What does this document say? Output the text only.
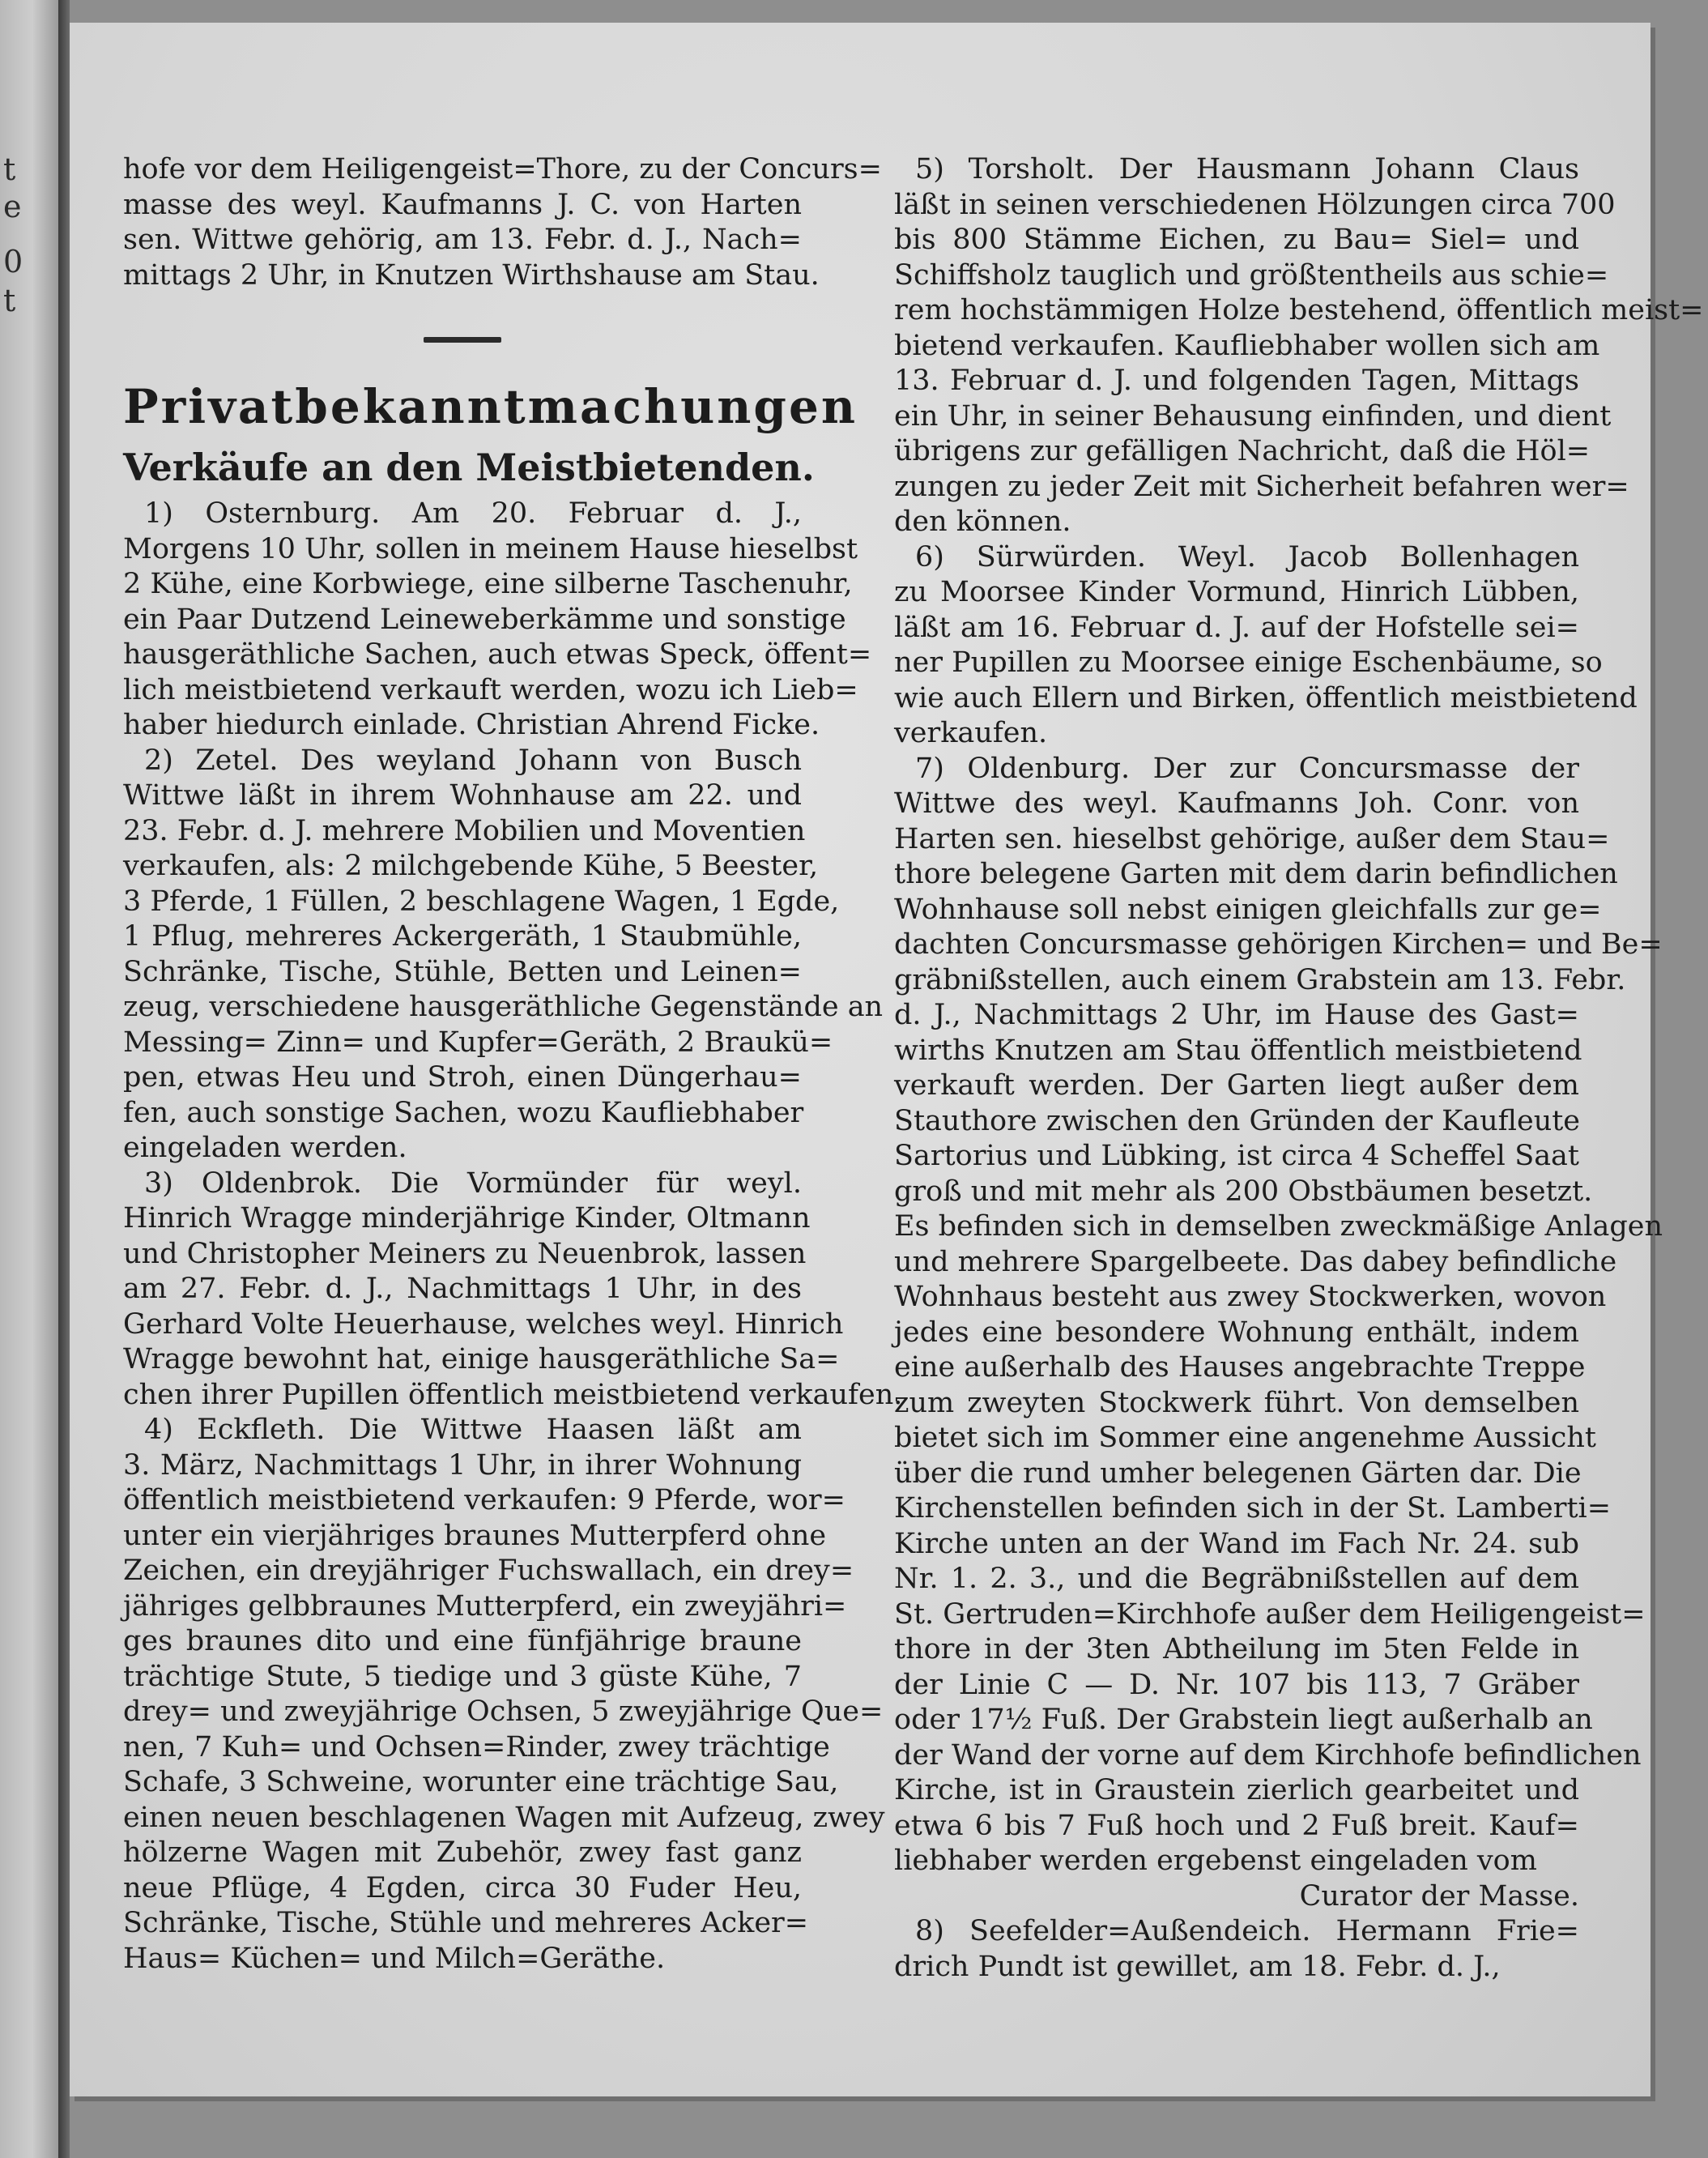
t
e
0
t
hofe vor dem Heiligengeist=Thore, zu der Concurs=
masse des weyl. Kaufmanns J. C. von Harten
sen. Wittwe gehörig, am 13. Febr. d. J., Nach=
mittags 2 Uhr, in Knutzen Wirthshause am Stau.
Privatbekanntmachungen
Verkäufe an den Meistbietenden.
1) Osternburg. Am 20. Februar d. J.,
Morgens 10 Uhr, sollen in meinem Hause hieselbst
2 Kühe, eine Korbwiege, eine silberne Taschenuhr,
ein Paar Dutzend Leineweberkämme und sonstige
hausgeräthliche Sachen, auch etwas Speck, öffent=
lich meistbietend verkauft werden, wozu ich Lieb=
haber hiedurch einlade. Christian Ahrend Ficke.
2) Zetel. Des weyland Johann von Busch
Wittwe läßt in ihrem Wohnhause am 22. und
23. Febr. d. J. mehrere Mobilien und Moventien
verkaufen, als: 2 milchgebende Kühe, 5 Beester,
3 Pferde, 1 Füllen, 2 beschlagene Wagen, 1 Egde,
1 Pflug, mehreres Ackergeräth, 1 Staubmühle,
Schränke, Tische, Stühle, Betten und Leinen=
zeug, verschiedene hausgeräthliche Gegenstände an
Messing= Zinn= und Kupfer=Geräth, 2 Braukü=
pen, etwas Heu und Stroh, einen Düngerhau=
fen, auch sonstige Sachen, wozu Kaufliebhaber
eingeladen werden.
3) Oldenbrok. Die Vormünder für weyl.
Hinrich Wragge minderjährige Kinder, Oltmann
und Christopher Meiners zu Neuenbrok, lassen
am 27. Febr. d. J., Nachmittags 1 Uhr, in des
Gerhard Volte Heuerhause, welches weyl. Hinrich
Wragge bewohnt hat, einige hausgeräthliche Sa=
chen ihrer Pupillen öffentlich meistbietend verkaufen.
4) Eckfleth. Die Wittwe Haasen läßt am
3. März, Nachmittags 1 Uhr, in ihrer Wohnung
öffentlich meistbietend verkaufen: 9 Pferde, wor=
unter ein vierjähriges braunes Mutterpferd ohne
Zeichen, ein dreyjähriger Fuchswallach, ein drey=
jähriges gelbbraunes Mutterpferd, ein zweyjähri=
ges braunes dito und eine fünfjährige braune
trächtige Stute, 5 tiedige und 3 güste Kühe, 7
drey= und zweyjährige Ochsen, 5 zweyjährige Que=
nen, 7 Kuh= und Ochsen=Rinder, zwey trächtige
Schafe, 3 Schweine, worunter eine trächtige Sau,
einen neuen beschlagenen Wagen mit Aufzeug, zwey
hölzerne Wagen mit Zubehör, zwey fast ganz
neue Pflüge, 4 Egden, circa 30 Fuder Heu,
Schränke, Tische, Stühle und mehreres Acker=
Haus= Küchen= und Milch=Geräthe.
5) Torsholt. Der Hausmann Johann Claus
läßt in seinen verschiedenen Hölzungen circa 700
bis 800 Stämme Eichen, zu Bau= Siel= und
Schiffsholz tauglich und größtentheils aus schie=
rem hochstämmigen Holze bestehend, öffentlich meist=
bietend verkaufen. Kaufliebhaber wollen sich am
13. Februar d. J. und folgenden Tagen, Mittags
ein Uhr, in seiner Behausung einfinden, und dient
übrigens zur gefälligen Nachricht, daß die Höl=
zungen zu jeder Zeit mit Sicherheit befahren wer=
den können.
6) Sürwürden. Weyl. Jacob Bollenhagen
zu Moorsee Kinder Vormund, Hinrich Lübben,
läßt am 16. Februar d. J. auf der Hofstelle sei=
ner Pupillen zu Moorsee einige Eschenbäume, so
wie auch Ellern und Birken, öffentlich meistbietend
verkaufen.
7) Oldenburg. Der zur Concursmasse der
Wittwe des weyl. Kaufmanns Joh. Conr. von
Harten sen. hieselbst gehörige, außer dem Stau=
thore belegene Garten mit dem darin befindlichen
Wohnhause soll nebst einigen gleichfalls zur ge=
dachten Concursmasse gehörigen Kirchen= und Be=
gräbnißstellen, auch einem Grabstein am 13. Febr.
d. J., Nachmittags 2 Uhr, im Hause des Gast=
wirths Knutzen am Stau öffentlich meistbietend
verkauft werden. Der Garten liegt außer dem
Stauthore zwischen den Gründen der Kaufleute
Sartorius und Lübking, ist circa 4 Scheffel Saat
groß und mit mehr als 200 Obstbäumen besetzt.
Es befinden sich in demselben zweckmäßige Anlagen
und mehrere Spargelbeete. Das dabey befindliche
Wohnhaus besteht aus zwey Stockwerken, wovon
jedes eine besondere Wohnung enthält, indem
eine außerhalb des Hauses angebrachte Treppe
zum zweyten Stockwerk führt. Von demselben
bietet sich im Sommer eine angenehme Aussicht
über die rund umher belegenen Gärten dar. Die
Kirchenstellen befinden sich in der St. Lamberti=
Kirche unten an der Wand im Fach Nr. 24. sub
Nr. 1. 2. 3., und die Begräbnißstellen auf dem
St. Gertruden=Kirchhofe außer dem Heiligengeist=
thore in der 3ten Abtheilung im 5ten Felde in
der Linie C — D. Nr. 107 bis 113, 7 Gräber
oder 17½ Fuß. Der Grabstein liegt außerhalb an
der Wand der vorne auf dem Kirchhofe befindlichen
Kirche, ist in Graustein zierlich gearbeitet und
etwa 6 bis 7 Fuß hoch und 2 Fuß breit. Kauf=
liebhaber werden ergebenst eingeladen vom
Curator der Masse.
8) Seefelder=Außendeich. Hermann Frie=
drich Pundt ist gewillet, am 18. Febr. d. J.,
